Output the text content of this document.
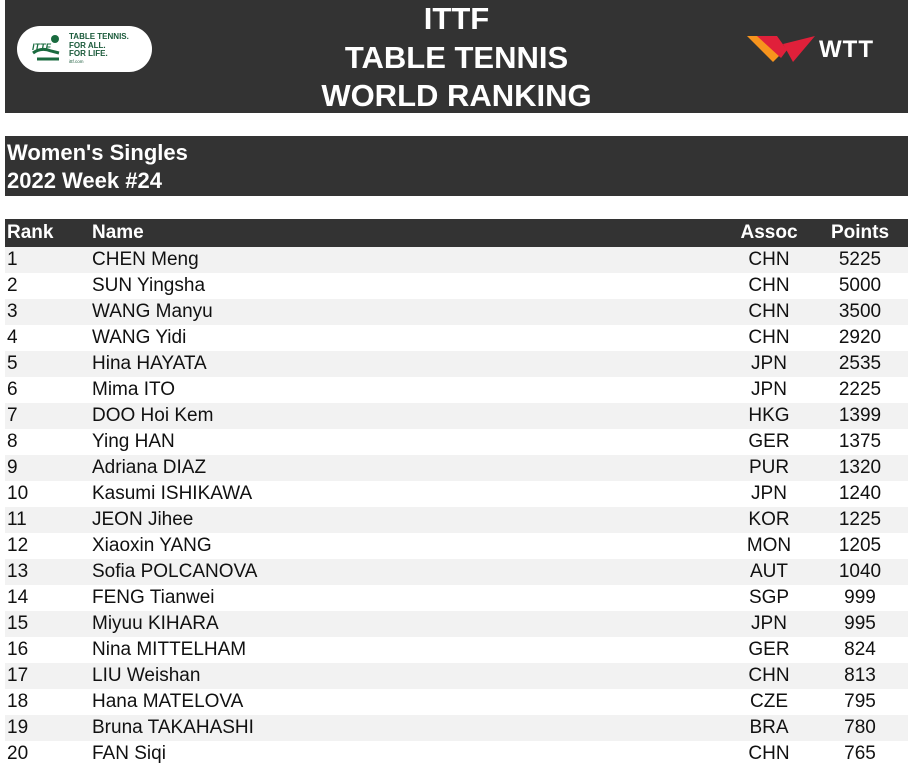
ITTF
TABLE TENNIS.
FOR ALL.
FOR LIFE.
ittf.com
ITTF
TABLE TENNIS
WORLD RANKING
WTT
Women's Singles
2022 Week #24
Rank Name	Assoc	Points
1	CHEN Meng	CHN	5225
2	SUN Yingsha	CHN	5000
3	WANG Manyu	CHN	3500
4	WANG Yidi	CHN	2920
5	Hina HAYATA	JPN	2535
6	Mima ITO	JPN	2225
7	DOO Hoi Kem	HKG	1399
8	Ying HAN	GER	1375
9	Adriana DIAZ	PUR	1320
10	Kasumi ISHIKAWA	JPN	1240
11	JEON Jihee	KOR	1225
12	Xiaoxin YANG	MON	1205
13	Sofia POLCANOVA	AUT	1040
14	FENG Tianwei	SGP	999
15	Miyuu KIHARA	JPN	995
16	Nina MITTELHAM	GER	824
17	LIU Weishan	CHN	813
18	Hana MATELOVA	CZE	795
19	Bruna TAKAHASHI	BRA	780
20	FAN Siqi	CHN	765
